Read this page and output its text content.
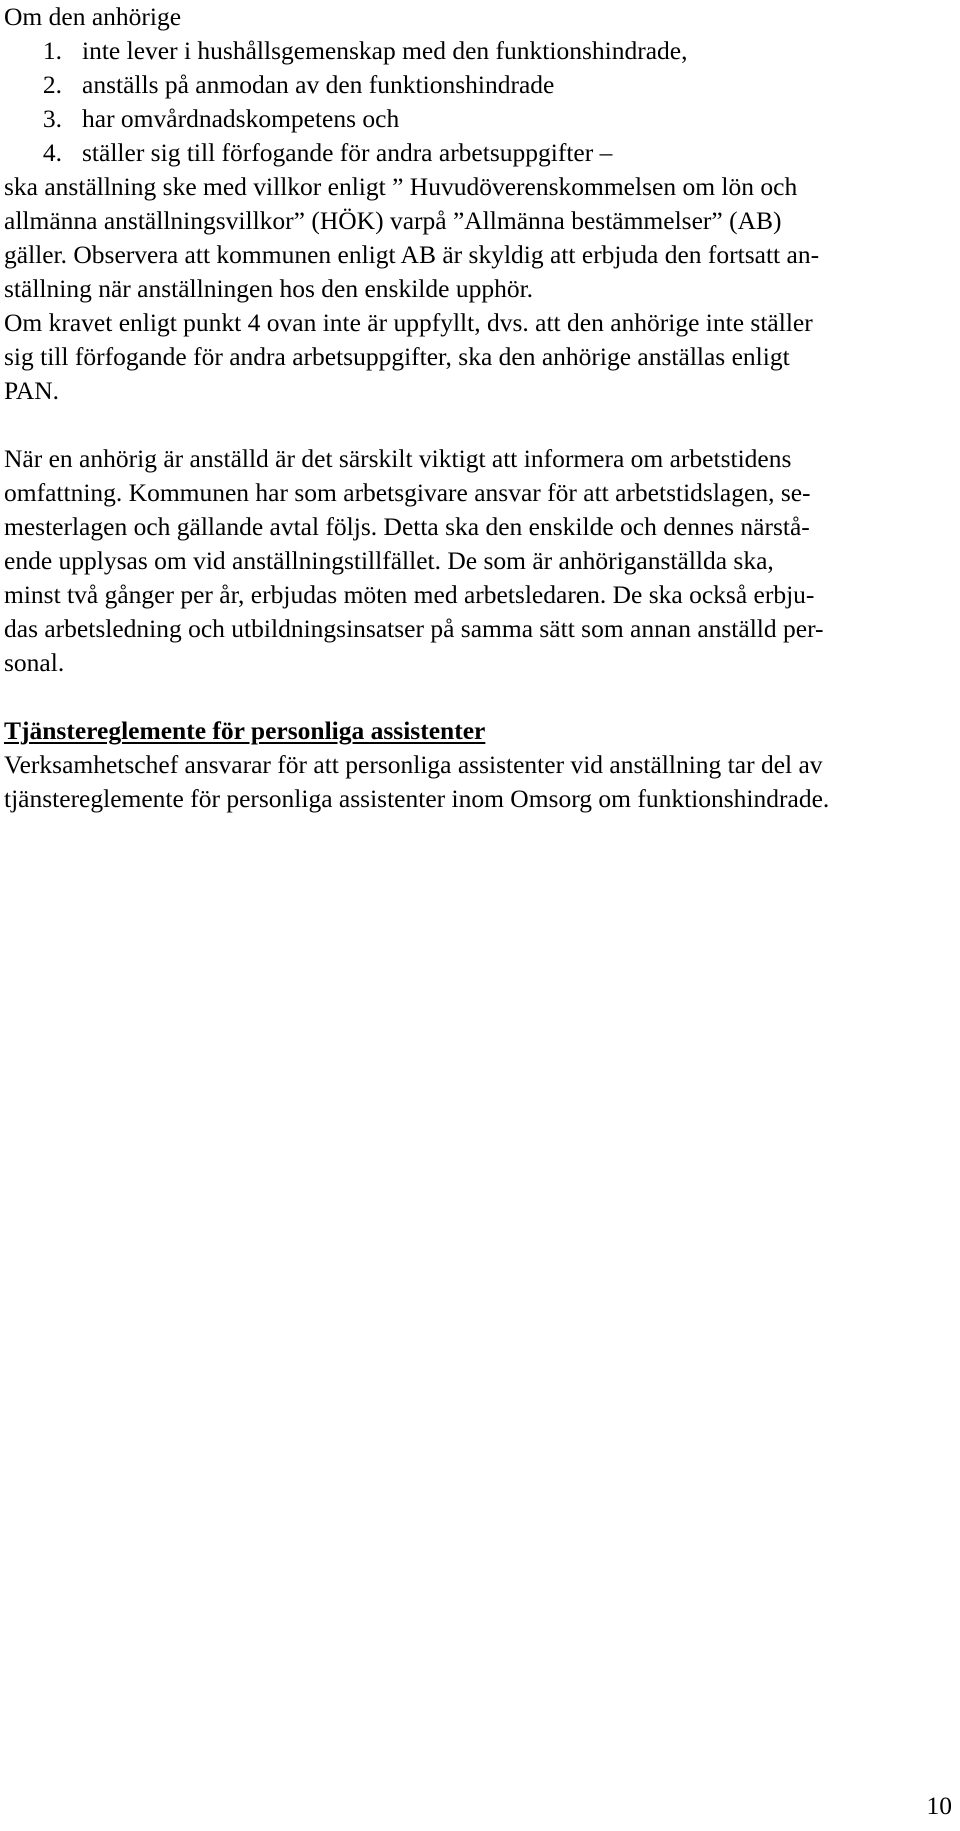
Om den anhörige

1. inte lever i hushållsgemenskap med den funktionshindrade,
2. anställs på anmodan av den funktionshindrade
3. har omvårdnadskompetens och
4. ställer sig till förfogande för andra arbetsuppgifter –
ska anställning ske med villkor enligt ” Huvudöverenskommelsen om lön och
allmänna anställningsvillkor” (HÖK) varpå ”Allmänna bestämmelser” (AB)
gäller. Observera att kommunen enligt AB är skyldig att erbjuda den fortsatt an-
ställning när anställningen hos den enskilde upphör.
Om kravet enligt punkt 4 ovan inte är uppfyllt, dvs. att den anhörige inte ställer
sig till förfogande för andra arbetsuppgifter, ska den anhörige anställas enligt
PAN.
När en anhörig är anställd är det särskilt viktigt att informera om arbetstidens
omfattning. Kommunen har som arbetsgivare ansvar för att arbetstidslagen, se-
mesterlagen och gällande avtal följs. Detta ska den enskilde och dennes närstå-
ende upplysas om vid anställningstillfället. De som är anhöriganställda ska,
minst två gånger per år, erbjudas möten med arbetsledaren. De ska också erbju-
das arbetsledning och utbildningsinsatser på samma sätt som annan anställd per-
sonal.
Tjänstereglemente för personliga assistenter
Verksamhetschef ansvarar för att personliga assistenter vid anställning tar del av
tjänstereglemente för personliga assistenter inom Omsorg om funktionshindrade.
10
